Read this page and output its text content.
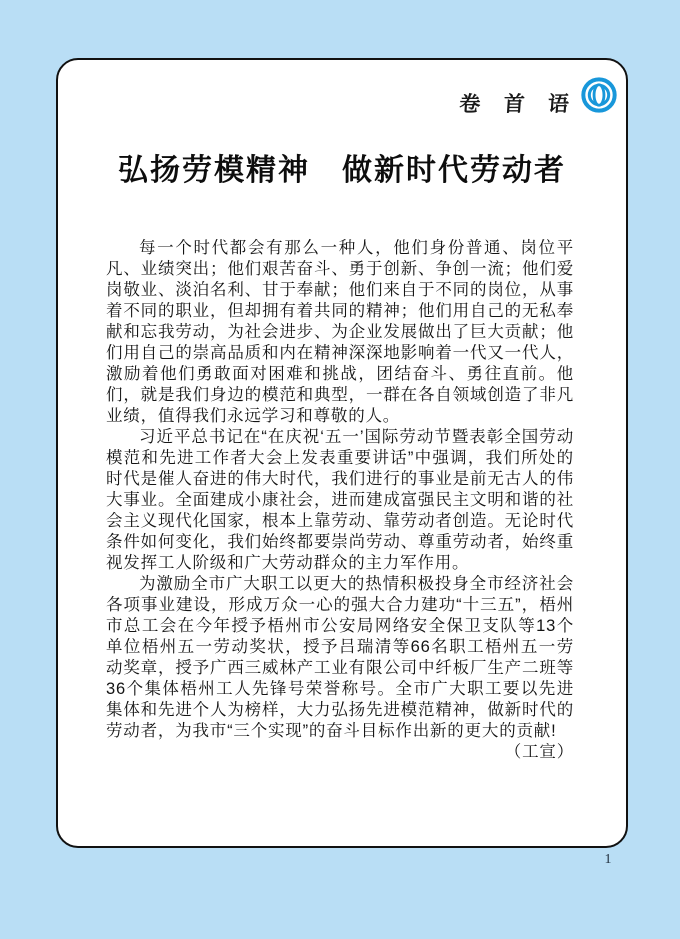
卷 首 语
弘扬劳模精神　做新时代劳动者

每一个时代都会有那么一种人，他们身份普通、岗位平凡、业绩突出；他们艰苦奋斗、勇于创新、争创一流；他们爱岗敬业、淡泊名利、甘于奉献；他们来自于不同的岗位，从事着不同的职业，但却拥有着共同的精神；他们用自己的无私奉献和忘我劳动，为社会进步、为企业发展做出了巨大贡献；他们用自己的崇高品质和内在精神深深地影响着一代又一代人，激励着他们勇敢面对困难和挑战，团结奋斗、勇往直前。他们，就是我们身边的模范和典型，一群在各自领域创造了非凡业绩，值得我们永远学习和尊敬的人。

习近平总书记在“在庆祝‘五一’国际劳动节暨表彰全国劳动模范和先进工作者大会上发表重要讲话”中强调，我们所处的时代是催人奋进的伟大时代，我们进行的事业是前无古人的伟大事业。全面建成小康社会，进而建成富强民主文明和谐的社会主义现代化国家，根本上靠劳动、靠劳动者创造。无论时代条件如何变化，我们始终都要崇尚劳动、尊重劳动者，始终重视发挥工人阶级和广大劳动群众的主力军作用。

为激励全市广大职工以更大的热情积极投身全市经济社会各项事业建设，形成万众一心的强大合力建功“十三五”，梧州市总工会在今年授予梧州市公安局网络安全保卫支队等13个单位梧州五一劳动奖状，授予吕瑞清等66名职工梧州五一劳动奖章，授予广西三威林产工业有限公司中纤板厂生产二班等36个集体梧州工人先锋号荣誉称号。全市广大职工要以先进集体和先进个人为榜样，大力弘扬先进模范精神，做新时代的劳动者，为我市“三个实现”的奋斗目标作出新的更大的贡献!

（工宣）
1
